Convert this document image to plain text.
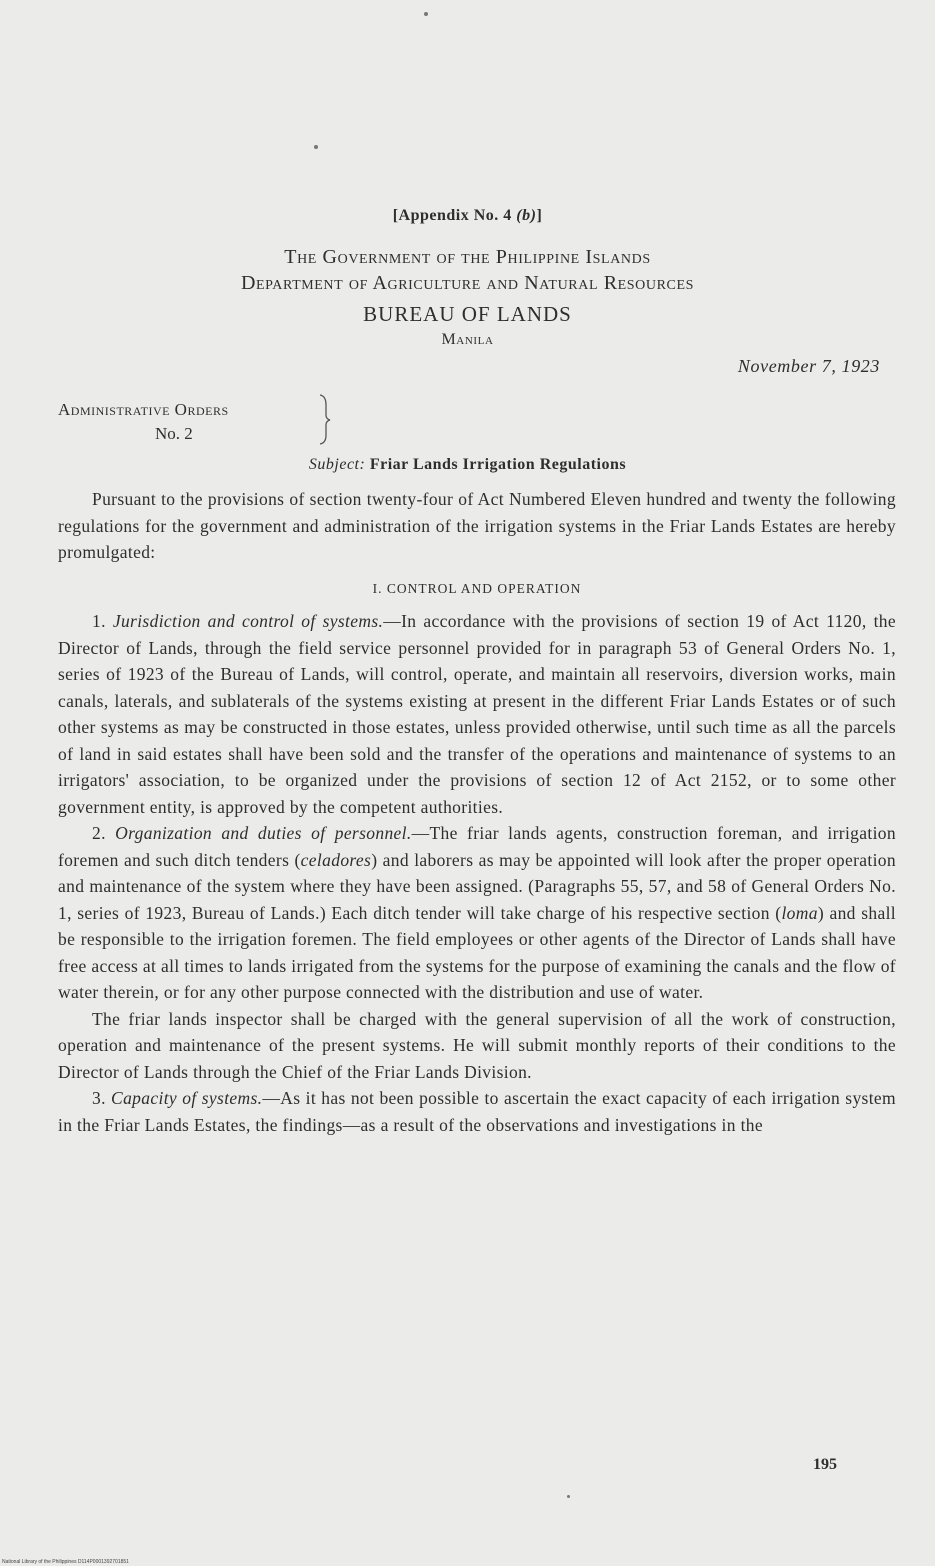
[Appendix No. 4 (b)]
The Government of the Philippine Islands
Department of Agriculture and Natural Resources
BUREAU OF LANDS
Manila
November 7, 1923
Administrative Orders
No. 2
Subject: Friar Lands Irrigation Regulations

Pursuant to the provisions of section twenty-four of Act Numbered Eleven hundred and twenty the following regulations for the government and administration of the irrigation systems in the Friar Lands Estates are hereby promulgated:

I. CONTROL AND OPERATION

1. Jurisdiction and control of systems.—In accordance with the provisions of section 19 of Act 1120, the Director of Lands, through the field service personnel provided for in paragraph 53 of General Orders No. 1, series of 1923 of the Bureau of Lands, will control, operate, and maintain all reservoirs, diversion works, main canals, laterals, and sublaterals of the systems existing at present in the different Friar Lands Estates or of such other systems as may be constructed in those estates, unless provided otherwise, until such time as all the parcels of land in said estates shall have been sold and the transfer of the operations and maintenance of systems to an irrigators' association, to be organized under the provisions of section 12 of Act 2152, or to some other government entity, is approved by the competent authorities.

2. Organization and duties of personnel.—The friar lands agents, construction foreman, and irrigation foremen and such ditch tenders (celadores) and laborers as may be appointed will look after the proper operation and maintenance of the system where they have been assigned. (Paragraphs 55, 57, and 58 of General Orders No. 1, series of 1923, Bureau of Lands.) Each ditch tender will take charge of his respective section (loma) and shall be responsible to the irrigation foremen. The field employees or other agents of the Director of Lands shall have free access at all times to lands irrigated from the systems for the purpose of examining the canals and the flow of water therein, or for any other purpose connected with the distribution and use of water.

The friar lands inspector shall be charged with the general supervision of all the work of construction, operation and maintenance of the present systems. He will submit monthly reports of their conditions to the Director of Lands through the Chief of the Friar Lands Division.

3. Capacity of systems.—As it has not been possible to ascertain the exact capacity of each irrigation system in the Friar Lands Estates, the findings—as a result of the observations and investigations in the

195
National Library of the Philippines D114P0001392701851
